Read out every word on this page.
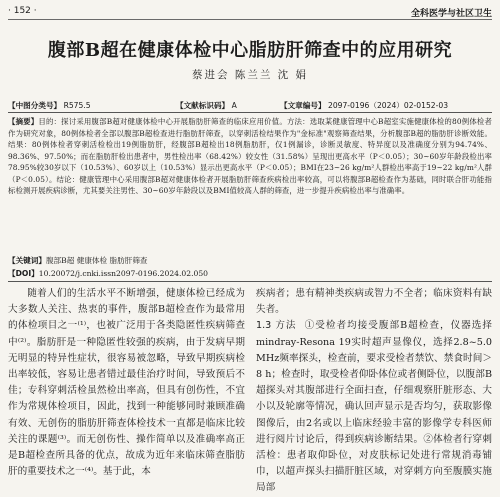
· 152 ·	全科医学与社区卫生
腹部B超在健康体检中心脂肪肝筛查中的应用研究
蔡进会 陈兰兰 沈 娟
【中图分类号】 R575.5	【文献标识码】 A	【文章编号】 2097-0196（2024）02-0152-03
【摘要】目的：探讨采用腹部B超对健康体检中心开展脂肪肝筛查的临床应用价值。方法：选取某健康管理中心B超室实施健康体检的80例体检者作为研究对象，80例体检者全部以腹部B超检查进行脂肪肝筛查，以穿刺活检结果作为"金标准"观察筛查结果，分析腹部B超的脂肪肝诊断效能。结果：80例体检者穿刺活检检出19例脂肪肝，经腹部B超检出18例脂肪肝，仅1例漏诊，诊断灵敏度、特异度以及准确度分别为94.74%、98.36%、97.50%；而在脂肪肝检出患者中，男性检出率（68.42%）较女性（31.58%）呈现出更高水平（P＜0.05）；30~60岁年龄段检出率78.95%较30岁以下（10.53%）、60岁以上（10.53%）显示出更高水平（P＜0.05）；BMI在23~26 kg/m²人群检出率高于19~22 kg/m²人群（P＜0.05）。结论：健康管理中心采用腹部B超对健康体检者开展脂肪肝筛查疾病检出率较高，可以将腹部B超检查作为基础，同时联合肝功能指标检测开展疾病诊断，尤其要关注男性、30~60岁年龄段以及BMI值较高人群的筛查，进一步提升疾病检出率与准确率。
【关键词】腹部B超 健康体检 脂肪肝筛查
【DOI】10.20072/j.cnki.issn2097-0196.2024.02.050

随着人们的生活水平不断增强，健康体检已经成为大多数人关注、热衷的事件，腹部B超检查作为最常用的体检项目之一⁽¹⁾，也被广泛用于各类隐匿性疾病筛查中⁽²⁾。脂肪肝是一种隐匿性较强的疾病，由于发病早期无明显的特异性症状，很容易被忽略，导致早期疾病检出率较低，容易让患者错过最佳治疗时间，导致预后不佳；专科穿刺活检虽然检出率高，但具有创伤性，不宜作为常规体检项目，因此，找到一种能够同时兼顾准确有效、无创伤的脂肪肝筛查体检技术一直都是临床比较关注的课题⁽³⁾。而无创伤性、操作简单以及准确率高正是B超检查所具备的优点，故成为近年来临床筛查脂肪肝的重要技术之一⁽⁴⁾。基于此，本

疾病者；患有精神类疾病或智力不全者；临床资料有缺失者。

1.3 方法 ①受检者均接受腹部B超检查，仪器选择mindray-Resona 19实时超声显像仪，选择2.8~5.0 MHz频率探头，检查前，要求受检者禁饮、禁食时间＞8 h；检查时，取受检者仰卧体位或者侧卧位，以腹部B超探头对其腹部进行全面扫查，仔细观察肝脏形态、大小以及轮廓等情况，确认回声显示是否均匀，获取影像图像后，由2名或以上临床经验丰富的影像学专科医师进行阅片讨论后，得到疾病诊断结果。②体检者行穿刺活检：患者取仰卧位，对皮肤标记处进行常规消毒铺巾，以超声探头扫描肝脏区域，对穿刺方向至腹膜实施局部
